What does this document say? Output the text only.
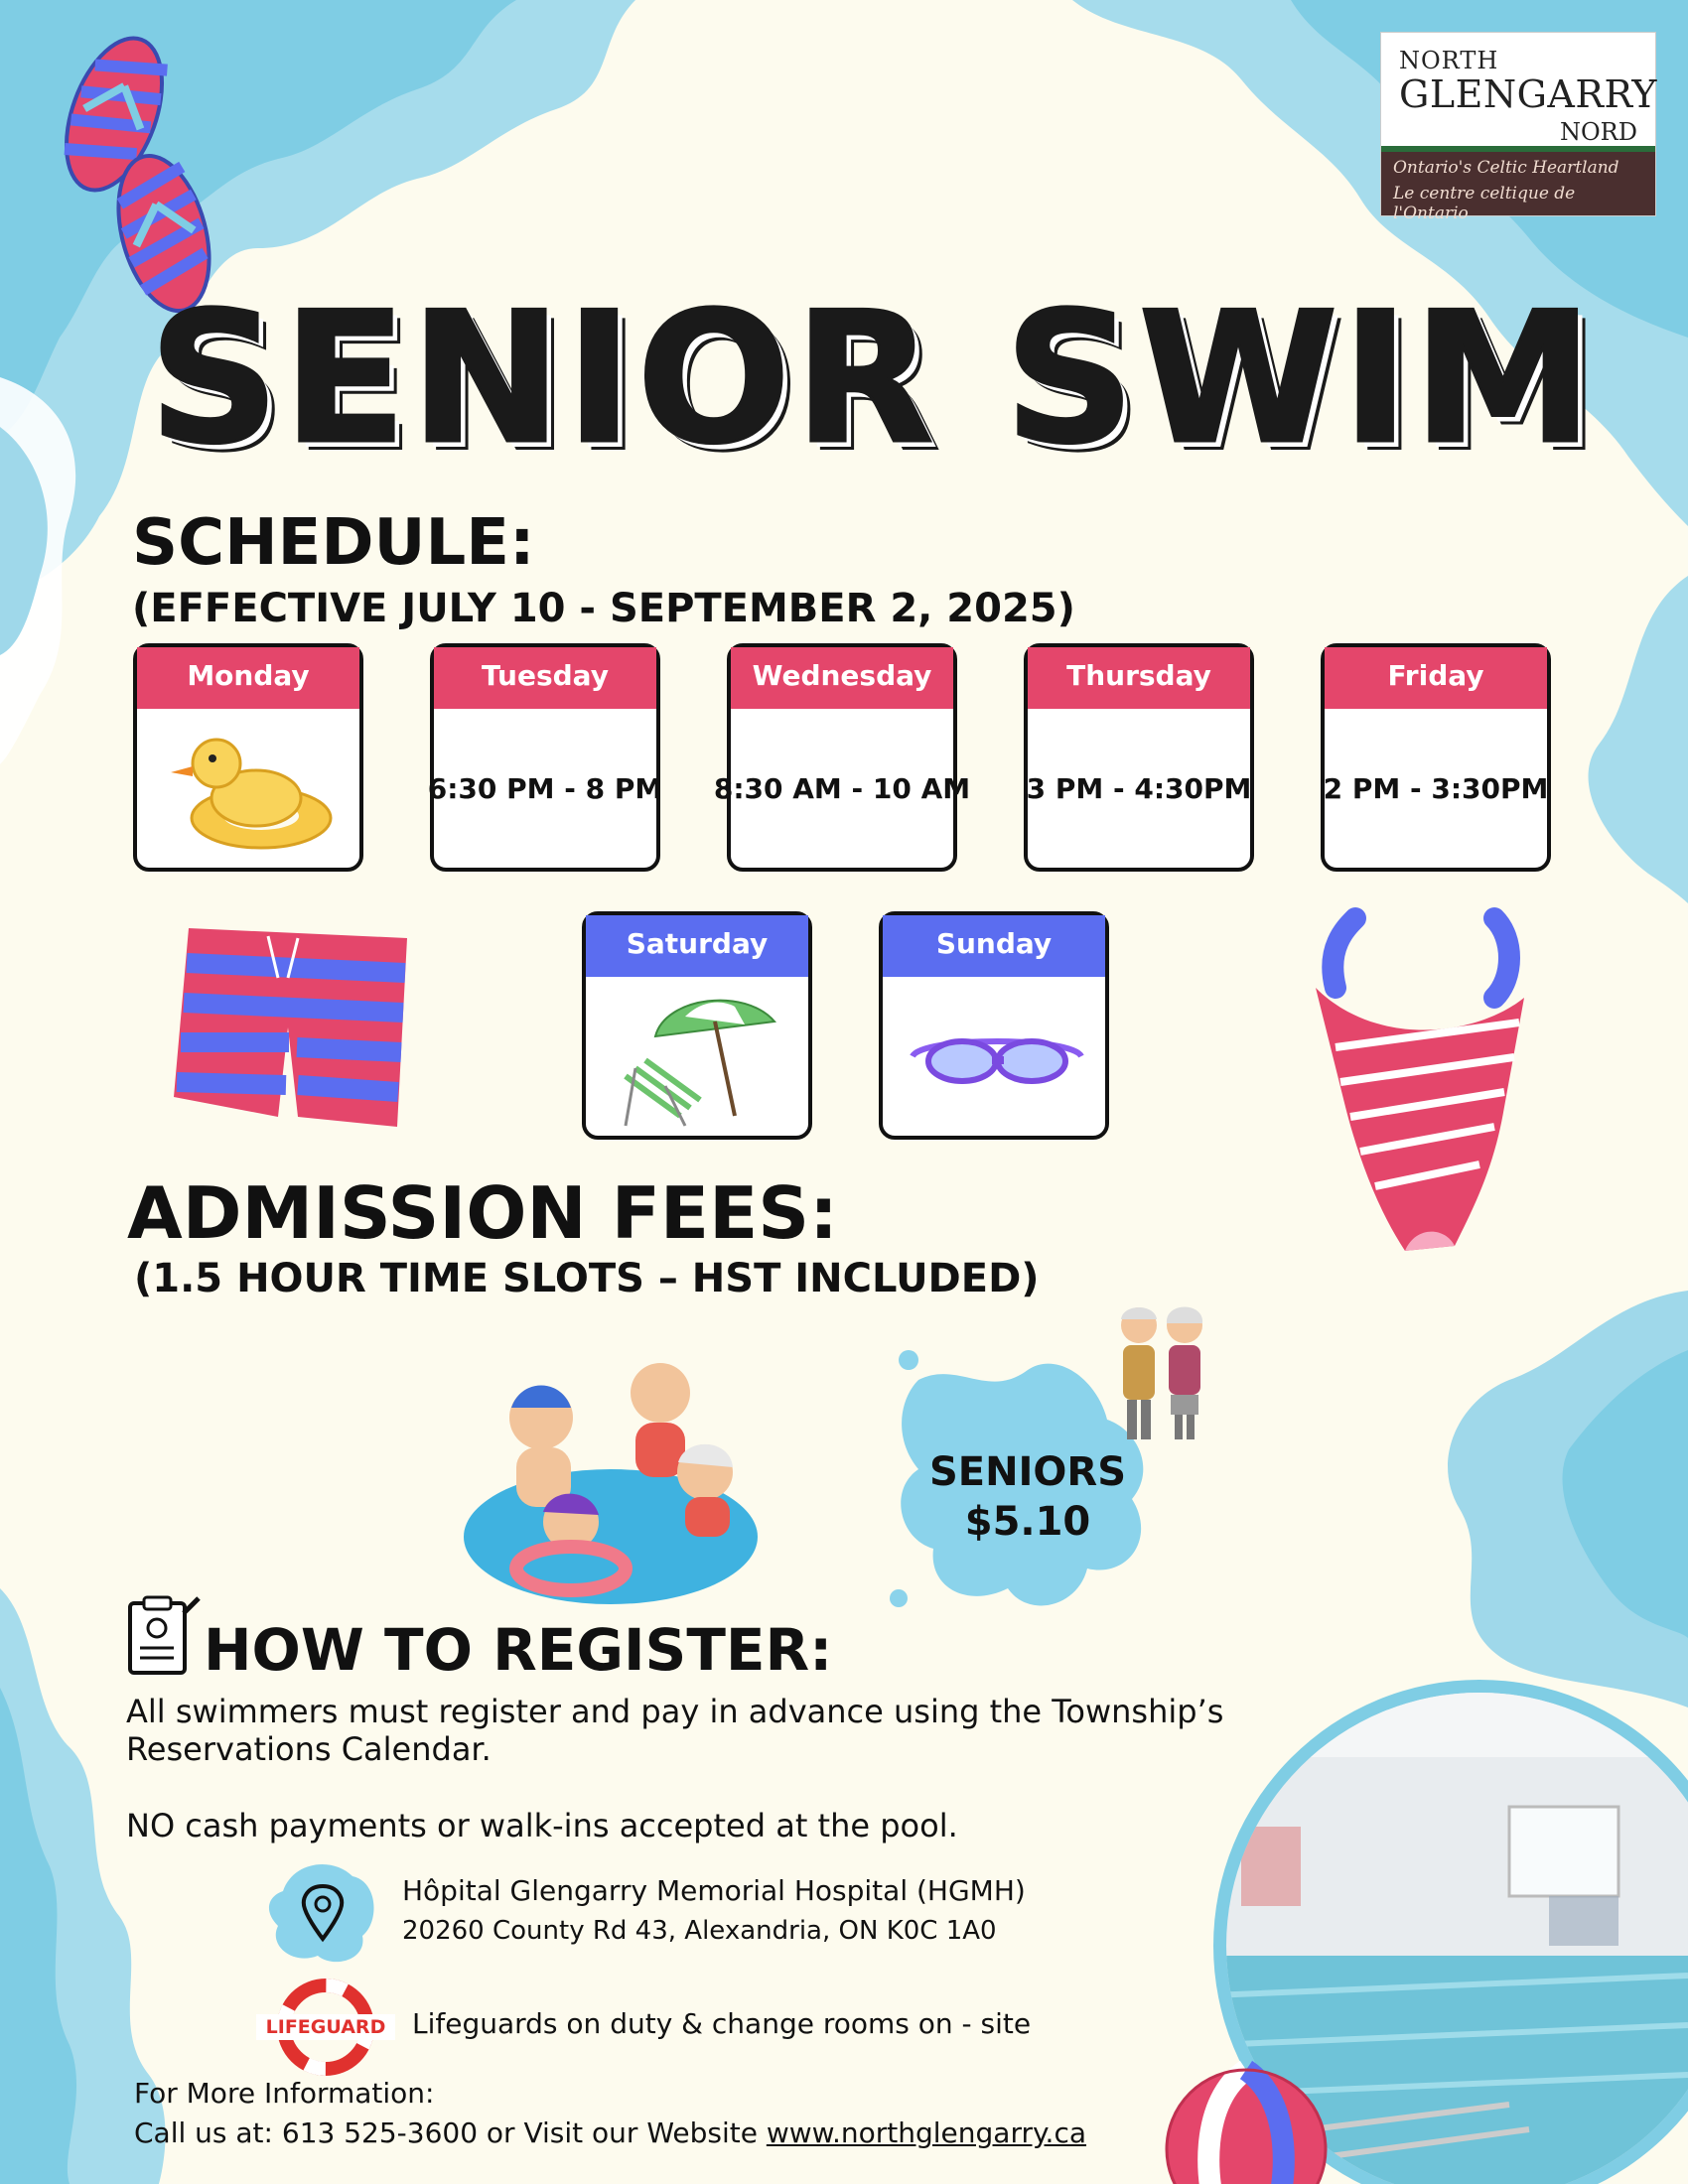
NORTH
GLENGARRY
NORD
Ontario's Celtic Heartland
Le centre celtique de l'Ontario
SENIOR SWIM
SCHEDULE:
(EFFECTIVE JULY 10 - SEPTEMBER 2, 2025)
Monday	Tuesday
6:30 PM - 8 PM
Wednesday
8:30 AM - 10 AM
Thursday
3 PM - 4:30PM
Friday
2 PM - 3:30PM
Saturday	Sunday
ADMISSION FEES:
(1.5 HOUR TIME SLOTS – HST INCLUDED)
SENIORS
$5.10
HOW TO REGISTER:
All swimmers must register and pay in advance using the Township’s Reservations Calendar.
NO cash payments or walk-ins accepted at the pool.
Hôpital Glengarry Memorial Hospital (HGMH)
20260 County Rd 43, Alexandria, ON K0C 1A0
LIFEGUARD Lifeguards on duty & change rooms on - site
For More Information:
Call us at: 613 525-3600 or Visit our Website www.northglengarry.ca
